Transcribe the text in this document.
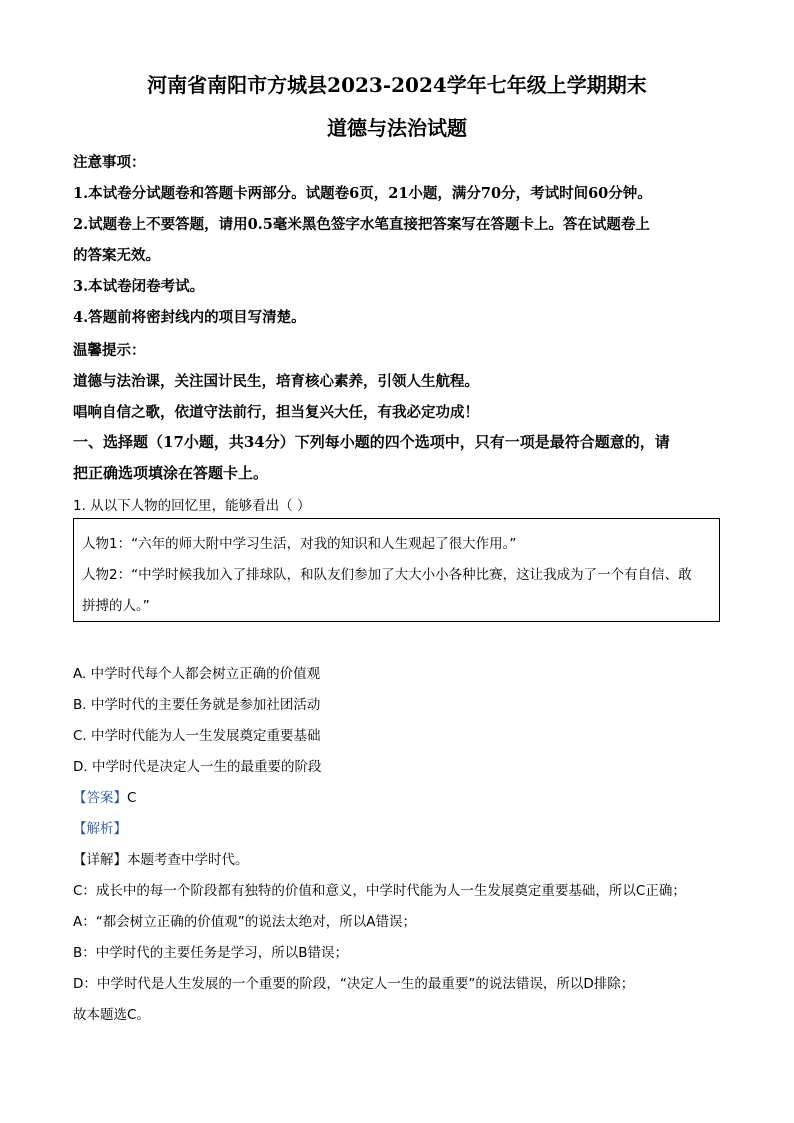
河南省南阳市方城县2023-2024学年七年级上学期期末
道德与法治试题
注意事项：
1.本试卷分试题卷和答题卡两部分。试题卷6页，21小题，满分70分，考试时间60分钟。
2.试题卷上不要答题，请用0.5毫米黑色签字水笔直接把答案写在答题卡上。答在试题卷上
的答案无效。
3.本试卷闭卷考试。
4.答题前将密封线内的项目写清楚。
温馨提示：
道德与法治课，关注国计民生，培育核心素养，引领人生航程。
唱响自信之歌，依道守法前行，担当复兴大任，有我必定功成！
一、选择题（17小题，共34分）下列每小题的四个选项中，只有一项是最符合题意的，请
把正确选项填涂在答题卡上。
1. 从以下人物的回忆里，能够看出（ ）
人物1：“六年的师大附中学习生活，对我的知识和人生观起了很大作用。”
人物2：“中学时候我加入了排球队，和队友们参加了大大小小各种比赛，这让我成为了一个有自信、敢
拼搏的人。”
A. 中学时代每个人都会树立正确的价值观
B. 中学时代的主要任务就是参加社团活动
C. 中学时代能为人一生发展奠定重要基础
D. 中学时代是决定人一生的最重要的阶段
【答案】C
【解析】
【详解】本题考查中学时代。
C：成长中的每一个阶段都有独特的价值和意义，中学时代能为人一生发展奠定重要基础，所以C正确；
A：“都会树立正确的价值观”的说法太绝对，所以A错误；
B：中学时代的主要任务是学习，所以B错误；
D：中学时代是人生发展的一个重要的阶段，“决定人一生的最重要”的说法错误，所以D排除；
故本题选C。
